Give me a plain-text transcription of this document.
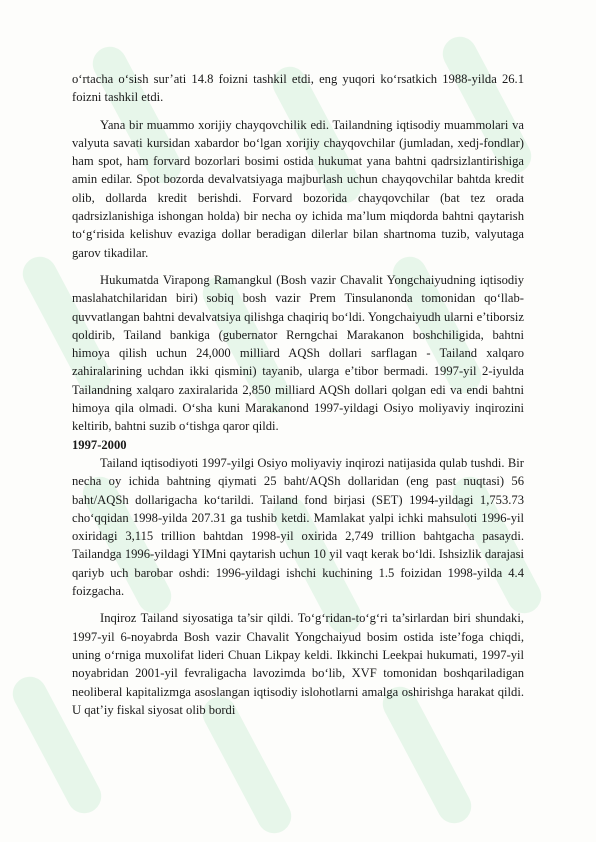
o‘rtacha o‘sish sur’ati 14.8 foizni tashkil etdi, eng yuqori ko‘rsatkich 1988-yilda 26.1 foizni tashkil etdi.

Yana bir muammo xorijiy chayqovchilik edi. Tailandning iqtisodiy muammolari va valyuta savati kursidan xabardor bo‘lgan xorijiy chayqovchilar (jumladan, xedj-fondlar) ham spot, ham forvard bozorlari bosimi ostida hukumat yana bahtni qadrsizlantirishiga amin edilar. Spot bozorda devalvatsiyaga majburlash uchun chayqovchilar bahtda kredit olib, dollarda kredit berishdi. Forvard bozorida chayqovchilar (bat tez orada qadrsizlanishiga ishongan holda) bir necha oy ichida ma’lum miqdorda bahtni qaytarish to‘g‘risida kelishuv evaziga dollar beradigan dilerlar bilan shartnoma tuzib, valyutaga garov tikadilar.

Hukumatda Virapong Ramangkul (Bosh vazir Chavalit Yongchaiyudning iqtisodiy maslahatchilaridan biri) sobiq bosh vazir Prem Tinsulanonda tomonidan qo‘llab-quvvatlangan bahtni devalvatsiya qilishga chaqiriq bo‘ldi. Yongchaiyudh ularni e’tiborsiz qoldirib, Tailand bankiga (gubernator Rerngchai Marakanon boshchiligida, bahtni himoya qilish uchun 24,000 milliard AQSh dollari sarflagan - Tailand xalqaro zahiralarining uchdan ikki qismini) tayanib, ularga e’tibor bermadi. 1997-yil 2-iyulda Tailandning xalqaro zaxiralarida 2,850 milliard AQSh dollari qolgan edi va endi bahtni himoya qila olmadi. O‘sha kuni Marakanond 1997-yildagi Osiyo moliyaviy inqirozini keltirib, bahtni suzib o‘tishga qaror qildi.

1997-2000

Tailand iqtisodiyoti 1997-yilgi Osiyo moliyaviy inqirozi natijasida qulab tushdi. Bir necha oy ichida bahtning qiymati 25 baht/AQSh dollaridan (eng past nuqtasi) 56 baht/AQSh dollarigacha ko‘tarildi. Tailand fond birjasi (SET) 1994-yildagi 1,753.73 cho‘qqidan 1998-yilda 207.31 ga tushib ketdi. Mamlakat yalpi ichki mahsuloti 1996-yil oxiridagi 3,115 trillion bahtdan 1998-yil oxirida 2,749 trillion bahtgacha pasaydi. Tailandga 1996-yildagi YIMni qaytarish uchun 10 yil vaqt kerak bo‘ldi. Ishsizlik darajasi qariyb uch barobar oshdi: 1996-yildagi ishchi kuchining 1.5 foizidan 1998-yilda 4.4 foizgacha.

Inqiroz Tailand siyosatiga ta’sir qildi. To‘g‘ridan-to‘g‘ri ta’sirlardan biri shundaki, 1997-yil 6-noyabrda Bosh vazir Chavalit Yongchaiyud bosim ostida iste’foga chiqdi, uning o‘rniga muxolifat lideri Chuan Likpay keldi. Ikkinchi Leekpai hukumati, 1997-yil noyabridan 2001-yil fevraligacha lavozimda bo‘lib, XVF tomonidan boshqariladigan neoliberal kapitalizmga asoslangan iqtisodiy islohotlarni amalga oshirishga harakat qildi. U qat’iy fiskal siyosat olib bordi
